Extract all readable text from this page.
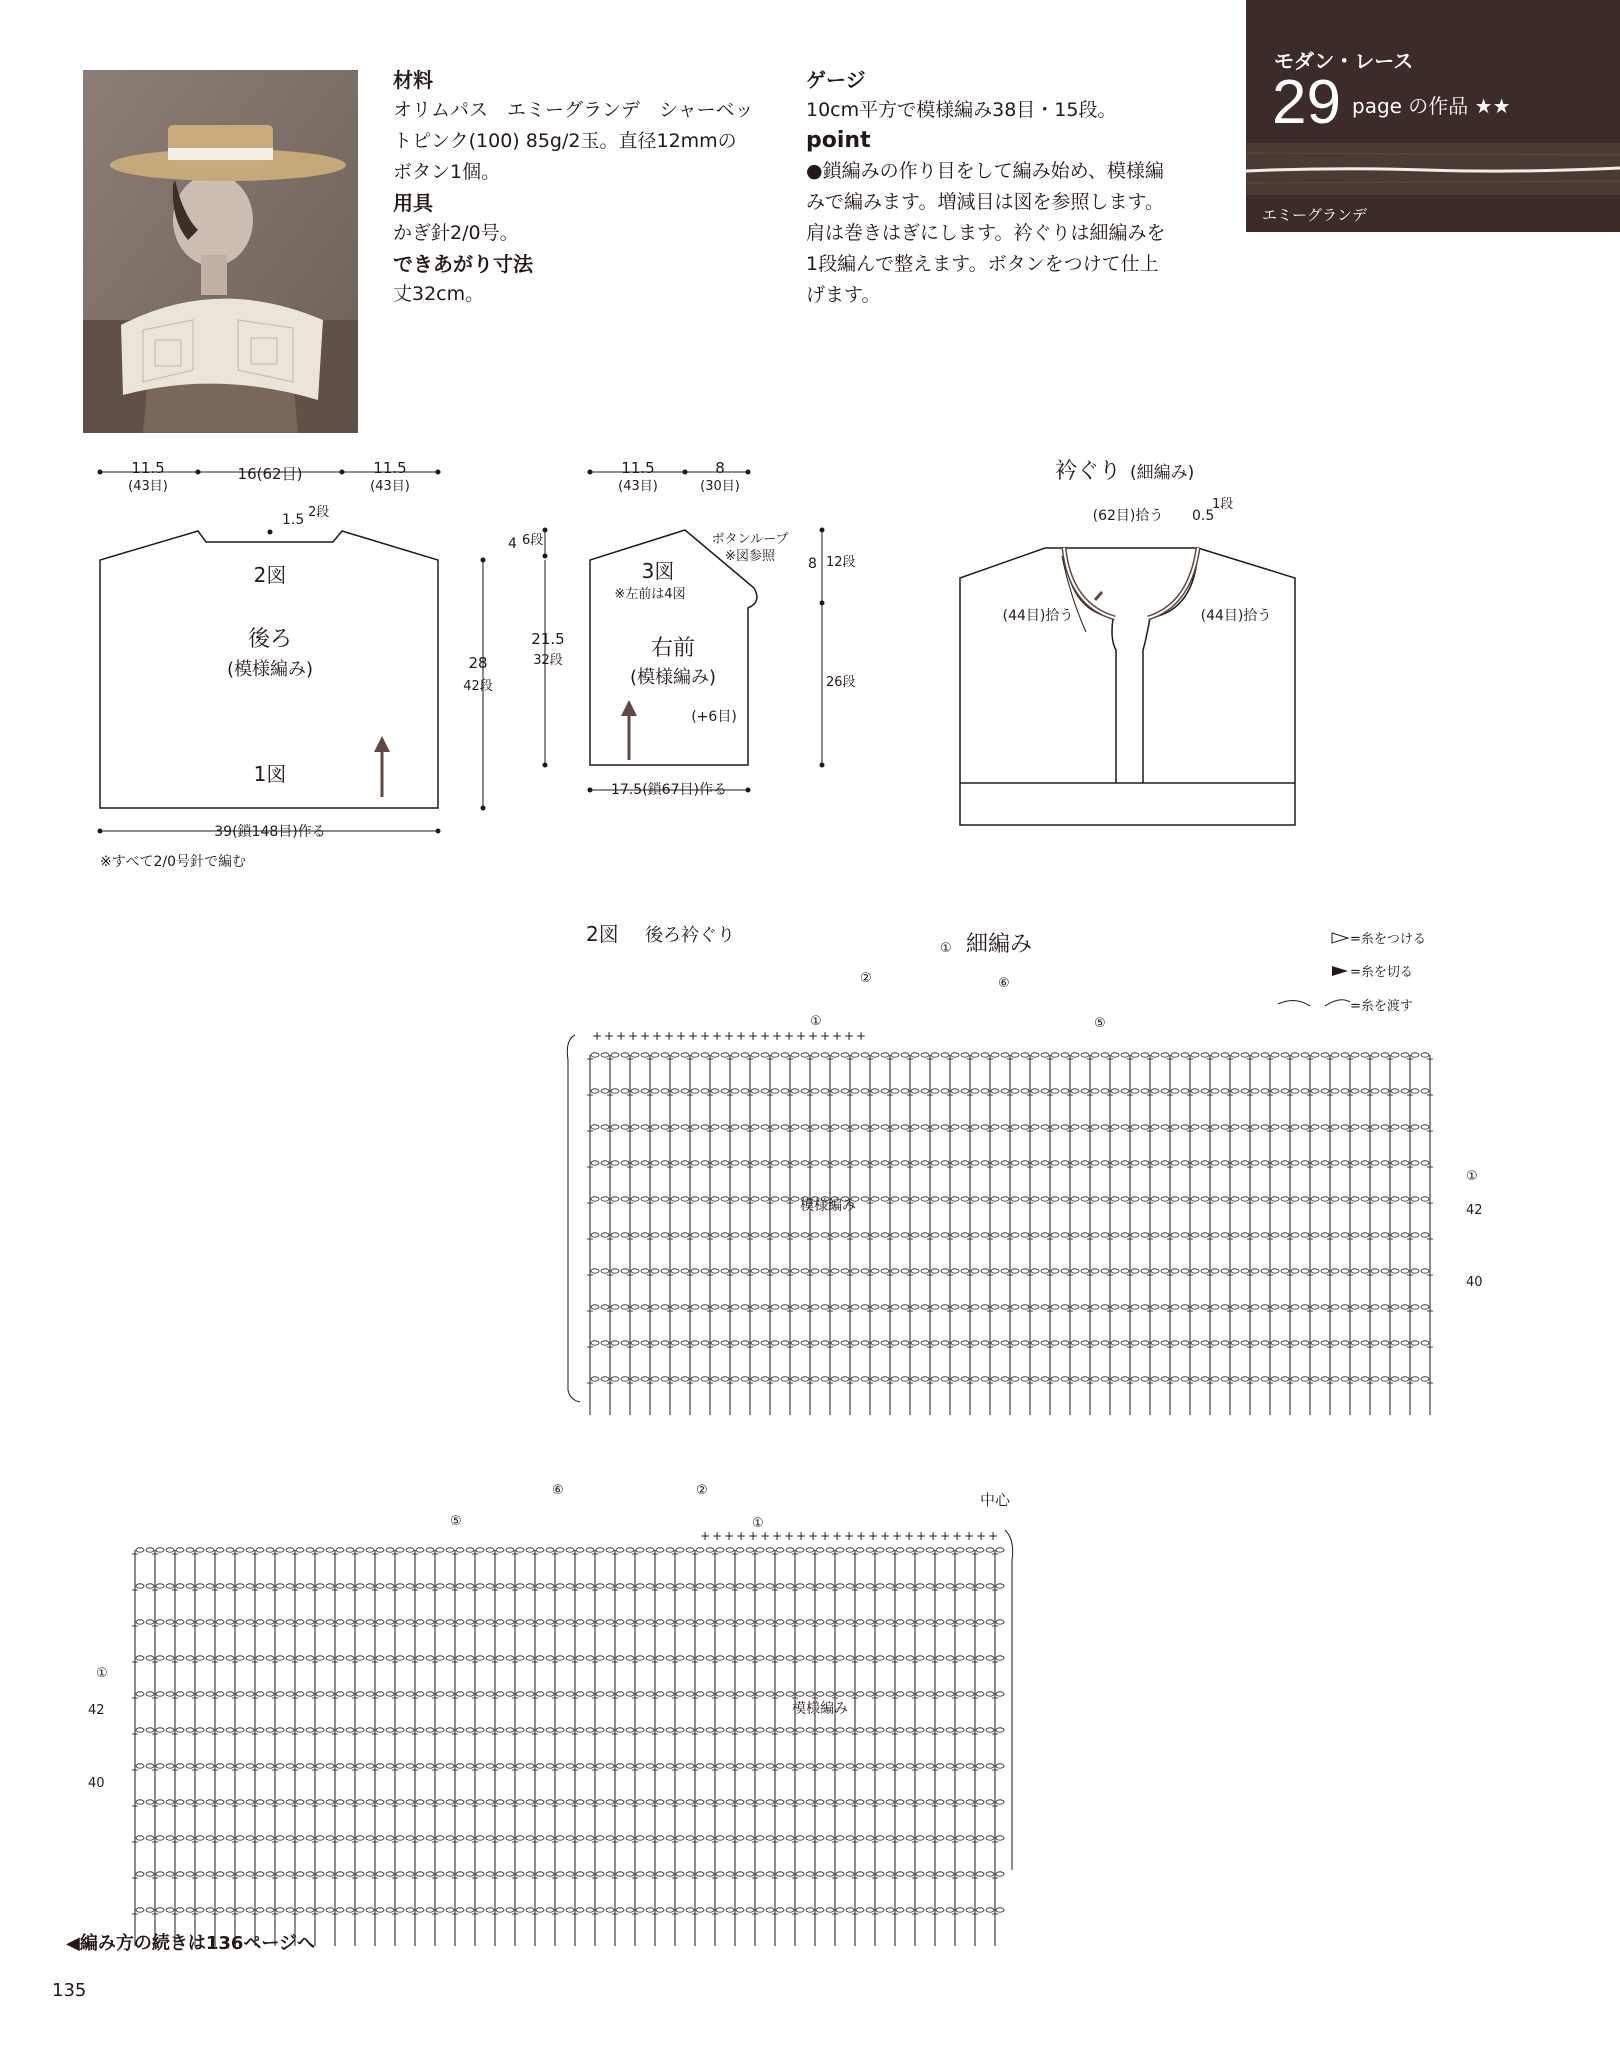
材料
オリムパス　エミーグランデ　シャーベッ
トピンク(100) 85g/2玉。直径12mmの
ボタン1個。
用具
かぎ針2/0号。
できあがり寸法
丈32cm。
ゲージ
10cm平方で模様編み38目・15段。
point
●鎖編みの作り目をして編み始め、模様編
みで編みます。増減目は図を参照します。
肩は巻きはぎにします。衿ぐりは細編みを
1段編んで整えます。ボタンをつけて仕上
げます。
モダン・レース
29 page の作品 ★★
エミーグランデ
11.5
(43目)
16(62目)	11.5
(43目)
1.5 2段
2図
後ろ
(模様編み)
1図
28
42段
39(鎖148目)作る
※すべて2/0号針で編む
11.5
(43目)
8
(30目)
4 6段
21.5
32段
ボタンループ
※図参照 8 12段
26段
3図
※左前は4図
右前
(模様編み)
(+6目)
17.5(鎖67目)作る
衿ぐり (細編み)
(62目)拾う 0.5
1段
(44目)拾う	(44目)拾う
2図 後ろ衿ぐり	細編み
模様編み
=糸をつける
=糸を切る
=糸を渡す
+ + + + + + + + + + + + + + + + + + + + + + +
①
②	⑥
①	⑤
①
42
40
中心
模様編み
+ + + + + + + + + + + + + + + + + + + + + + + + +
⑥	②
⑤	①
①
42
40
◀編み方の続きは136ページへ
135
